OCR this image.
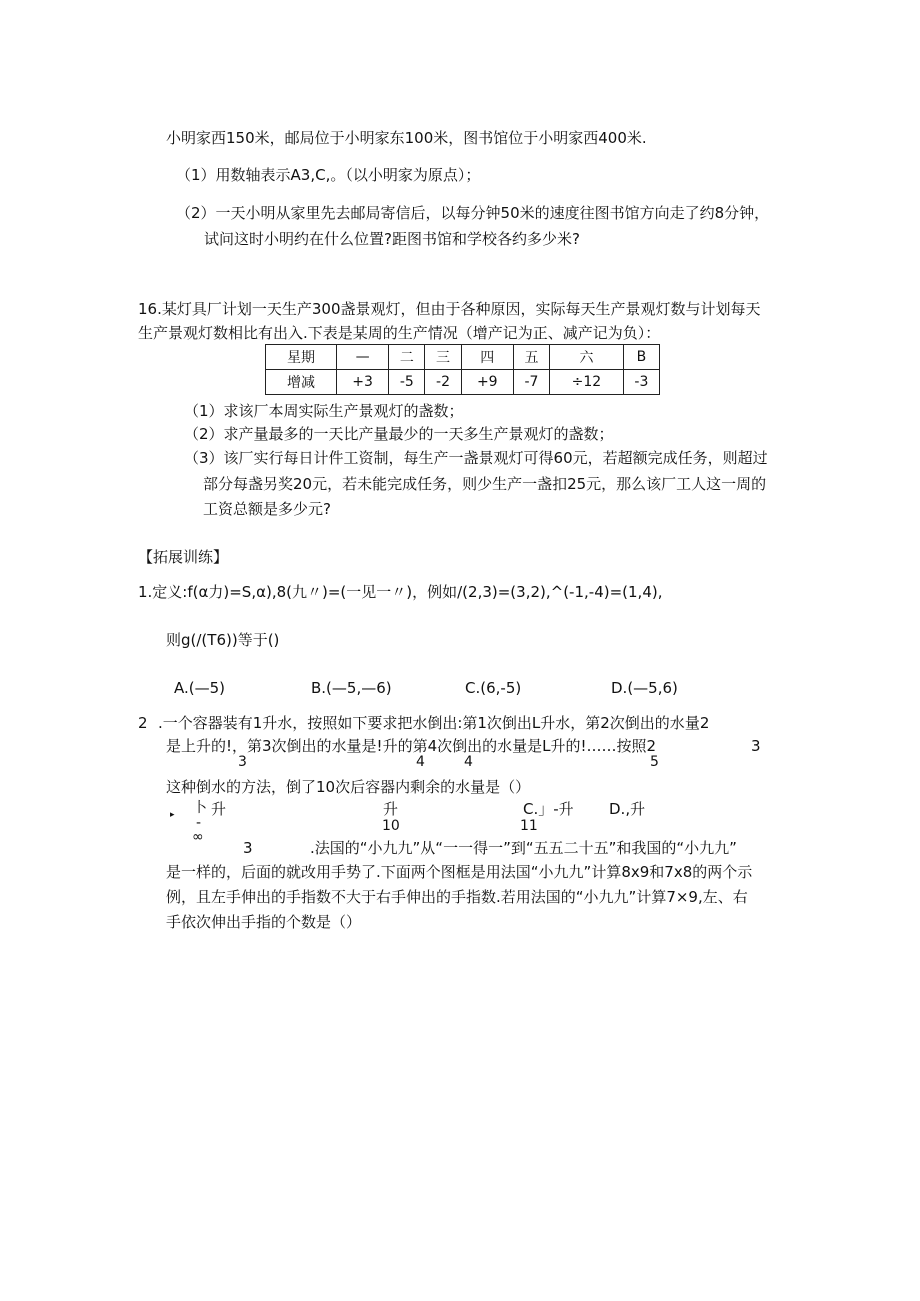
小明家西150米，邮局位于小明家东100米，图书馆位于小明家西400米.
（1）用数轴表示A3,C,。（以小明家为原点）；
（2）一天小明从家里先去邮局寄信后，以每分钟50米的速度往图书馆方向走了约8分钟，
试问这时小明约在什么位置?距图书馆和学校各约多少米?
16.某灯具厂计划一天生产300盏景观灯，但由于各种原因，实际每天生产景观灯数与计划每天
生产景观灯数相比有出入.下表是某周的生产情况（增产记为正、减产记为负）：
星期	—	二	三	四	五	六	B
增减	+3	-5	-2	+9	-7	÷12	-3
（1）求该厂本周实际生产景观灯的盏数；
（2）求产量最多的一天比产量最少的一天多生产景观灯的盏数；
（3）该厂实行每日计件工资制，每生产一盏景观灯可得60元，若超额完成任务，则超过
部分每盏另奖20元，若未能完成任务，则少生产一盏扣25元，那么该厂工人这一周的
工资总额是多少元?
【拓展训练】
1.定义:f(α力)=S,α),8(九〃)=(一见一〃)，例如/(2,3)=(3,2),^(-1,-4)=(1,4),
则g(/(T6))等于()
A.(—5)	B.(—5,—6)	C.(6,-5)	D.(—5,6)
2 .一个容器装有1升水，按照如下要求把水倒出:第1次倒出L升水，第2次倒出的水量2
是上升的!，第3次倒出的水量是!升的第4次倒出的水量是L升的!……按照2	3
3	4	4	5
这种倒水的方法，倒了10次后容器内剩余的水量是（）
▸ 卜 升
-
∞
升
10
C.」-升
11
D.,升
3	.法国的“小九九”从“一一得一”到“五五二十五”和我国的“小九九”
是一样的，后面的就改用手势了.下面两个图框是用法国“小九九”计算8x9和7x8的两个示
例，且左手伸出的手指数不大于右手伸出的手指数.若用法国的“小九九”计算7×9,左、右
手依次伸出手指的个数是（）
